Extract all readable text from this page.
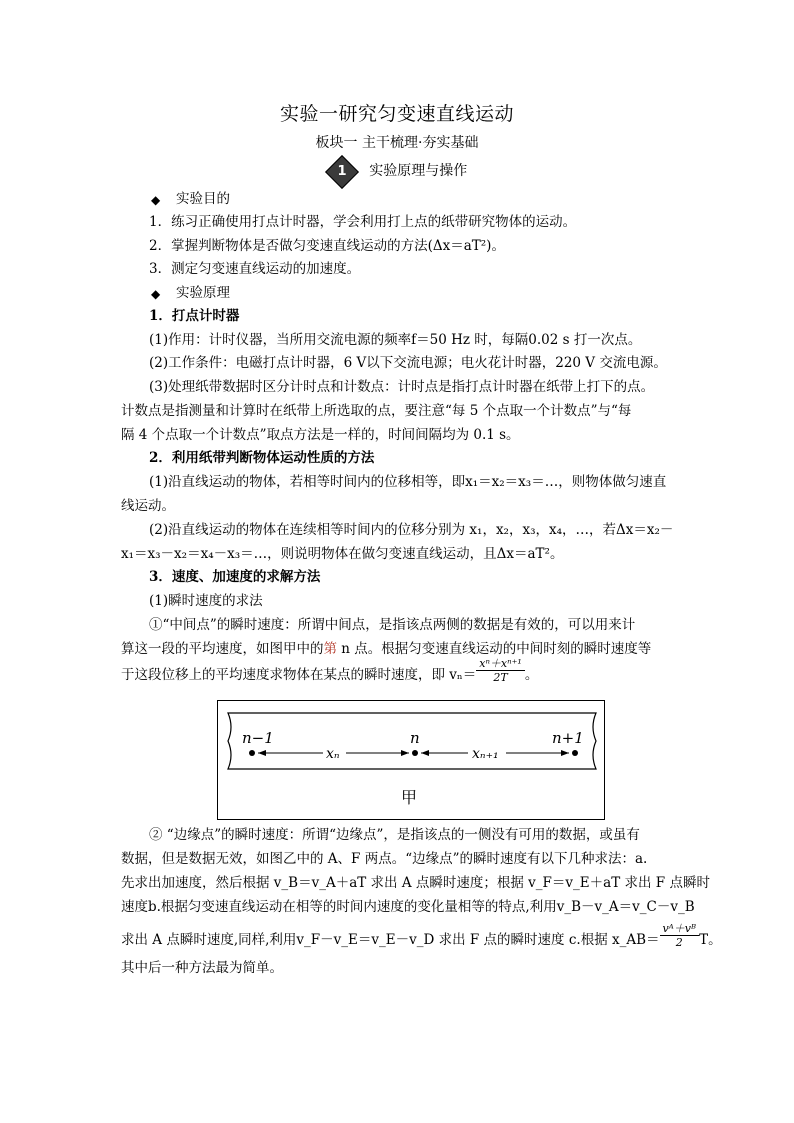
实验一研究匀变速直线运动
板块一 主干梳理·夯实基础
1	实验原理与操作
◆ 实验目的
1．练习正确使用打点计时器，学会利用打上点的纸带研究物体的运动。
2．掌握判断物体是否做匀变速直线运动的方法(Δx＝aT²)。
3．测定匀变速直线运动的加速度。
◆ 实验原理
1．打点计时器
(1)作用：计时仪器，当所用交流电源的频率f＝50 Hz 时，每隔0.02 s 打一次点。
(2)工作条件：电磁打点计时器，6 V以下交流电源；电火花计时器，220 V 交流电源。
(3)处理纸带数据时区分计时点和计数点：计时点是指打点计时器在纸带上打下的点。
计数点是指测量和计算时在纸带上所选取的点，要注意“每 5 个点取一个计数点”与“每
隔 4 个点取一个计数点”取点方法是一样的，时间间隔均为 0.1 s。
2．利用纸带判断物体运动性质的方法
(1)沿直线运动的物体，若相等时间内的位移相等，即x₁＝x₂＝x₃＝…，则物体做匀速直
线运动。
(2)沿直线运动的物体在连续相等时间内的位移分别为 x₁，x₂，x₃，x₄，…，若Δx＝x₂－
x₁＝x₃－x₂＝x₄－x₃＝…，则说明物体在做匀变速直线运动，且Δx＝aT²。
3．速度、加速度的求解方法
(1)瞬时速度的求法
①“中间点”的瞬时速度：所谓中间点，是指该点两侧的数据是有效的，可以用来计
算这一段的平均速度，如图甲中的第 n 点。根据匀变速直线运动的中间时刻的瞬时速度等
于这段位移上的平均速度求物体在某点的瞬时速度，即 $v_n= \frac{\text{xⁿ＋xⁿ⁺¹}}{2T}$ 。
n−1	n	n+1
xₙ	xₙ₊₁
甲
② “边缘点”的瞬时速度：所谓“边缘点”，是指该点的一侧没有可用的数据，或虽有
数据，但是数据无效，如图乙中的 A、F 两点。“边缘点”的瞬时速度有以下几种求法：a.
先求出加速度，然后根据 v_B＝v_A＋aT 求出 A 点瞬时速度；根据 v_F＝v_E＋aT 求出 F 点瞬时
速度b.根据匀变速直线运动在相等的时间内速度的变化量相等的特点,利用v_B－v_A＝v_C－v_B
求出 A 点瞬时速度,同样,利用v_F－v_E＝v_E－v_D 求出 F 点的瞬时速度 c.根据 x_AB＝ $\frac{\text{vᴬ＋vᴮ}}{2}$ T。
其中后一种方法最为简单。
